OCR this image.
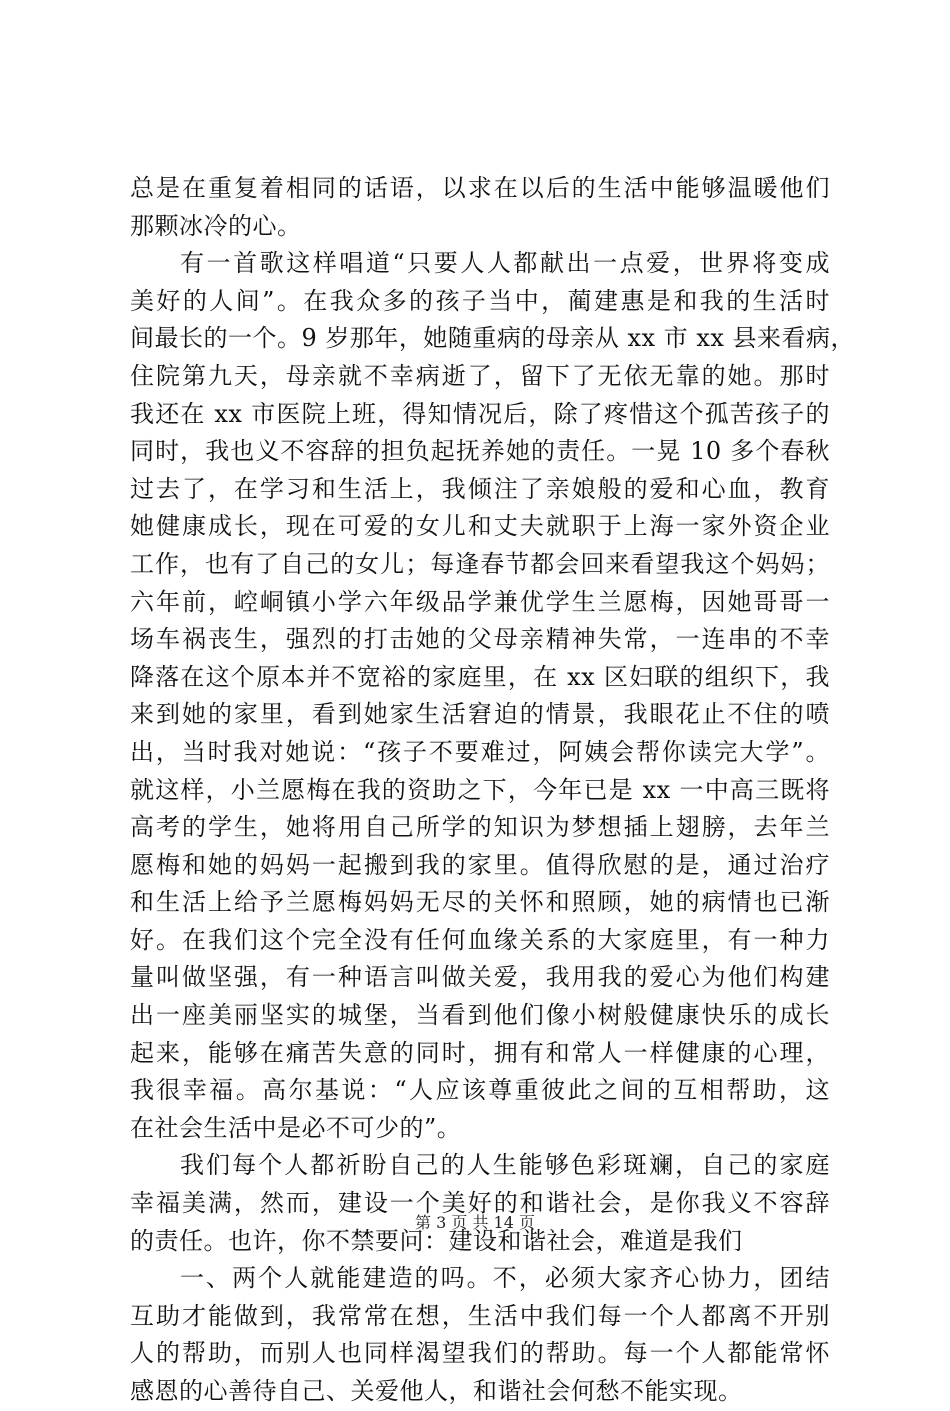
总是在重复着相同的话语，以求在以后的生活中能够温暖他们
那颗冰冷的心。
有一首歌这样唱道“只要人人都献出一点爱，世界将变成
美好的人间”。在我众多的孩子当中，蔺建惠是和我的生活时
间最长的一个。9 岁那年，她随重病的母亲从 xx 市 xx 县来看病，
住院第九天，母亲就不幸病逝了，留下了无依无靠的她。那时
我还在 xx 市医院上班，得知情况后，除了疼惜这个孤苦孩子的
同时，我也义不容辞的担负起抚养她的责任。一晃 10 多个春秋
过去了，在学习和生活上，我倾注了亲娘般的爱和心血，教育
她健康成长，现在可爱的女儿和丈夫就职于上海一家外资企业
工作，也有了自己的女儿；每逢春节都会回来看望我这个妈妈；
六年前，崆峒镇小学六年级品学兼优学生兰愿梅，因她哥哥一
场车祸丧生，强烈的打击她的父母亲精神失常，一连串的不幸
降落在这个原本并不宽裕的家庭里，在 xx 区妇联的组织下，我
来到她的家里，看到她家生活窘迫的情景，我眼花止不住的喷
出，当时我对她说：“孩子不要难过，阿姨会帮你读完大学”。
就这样，小兰愿梅在我的资助之下，今年已是 xx 一中高三既将
高考的学生，她将用自己所学的知识为梦想插上翅膀，去年兰
愿梅和她的妈妈一起搬到我的家里。值得欣慰的是，通过治疗
和生活上给予兰愿梅妈妈无尽的关怀和照顾，她的病情也已渐
好。在我们这个完全没有任何血缘关系的大家庭里，有一种力
量叫做坚强，有一种语言叫做关爱，我用我的爱心为他们构建
出一座美丽坚实的城堡，当看到他们像小树般健康快乐的成长
起来，能够在痛苦失意的同时，拥有和常人一样健康的心理，
我很幸福。高尔基说：“人应该尊重彼此之间的互相帮助，这
在社会生活中是必不可少的”。
我们每个人都祈盼自己的人生能够色彩斑斓，自己的家庭
幸福美满，然而，建设一个美好的和谐社会，是你我义不容辞
的责任。也许，你不禁要问：建设和谐社会，难道是我们
一、两个人就能建造的吗。不，必须大家齐心协力，团结
互助才能做到，我常常在想，生活中我们每一个人都离不开别
人的帮助，而别人也同样渴望我们的帮助。每一个人都能常怀
感恩的心善待自己、关爱他人，和谐社会何愁不能实现。
第 3 页 共 14 页
